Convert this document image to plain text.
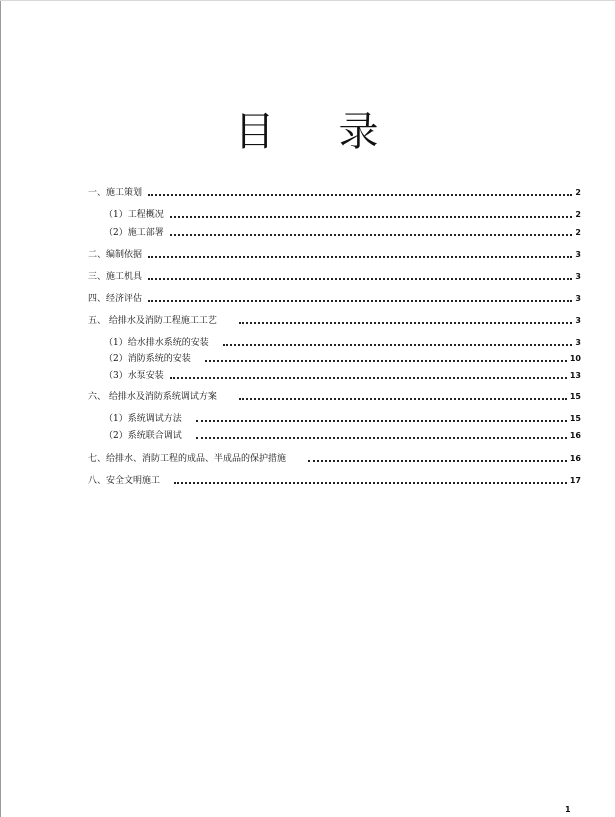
目 录
一、施工策划	2
（1）工程概况	2
（2）施工部署	2
二、编制依据	3
三、施工机具	3
四、经济评估	3
五、 给排水及消防工程施工工艺	3
（1）给水排水系统的安装	3
（2）消防系统的安装	10
（3）水泵安装	13
六、 给排水及消防系统调试方案	15
（1）系统调试方法	15
（2）系统联合调试	16
七、给排水、消防工程的成品、半成品的保护措施	16
八、安全文明施工	17
1
